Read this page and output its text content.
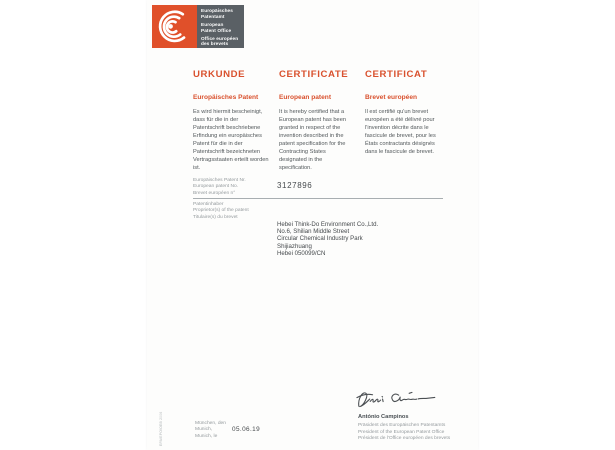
Europäisches
Patentamt
European
Patent Office
Office européen
des brevets
URKUNDE
Europäisches Patent

Es wird hiermit bescheinigt, dass für die in der Patentschrift beschriebene Erfindung ein europäisches Patent für die in der Patentschrift bezeichneten Vertragsstaaten erteilt worden ist.

CERTIFICATE
European patent

It is hereby certified that a European patent has been granted in respect of the invention described in the patent specification for the Contracting States designated in the specification.

CERTIFICAT
Brevet européen

Il est certifié qu'un brevet européen a été délivré pour l'invention décrite dans le fascicule de brevet, pour les États contractants désignés dans le fascicule de brevet.

Europäisches Patent Nr.
European patent No.
Brevet européen n°
3127896
Patentinhaber
Proprietor(s) of the patent
Titulaire(s) du brevet
Hebei Think-Do Environment Co.,Ltd.
No.6, Shilian Middle Street
Circular Chemical Industry Park
Shijiazhuang
Hebei 050099/CN
António Campinos
Präsident des Europäischen Patentamts
President of the European Patent Office
Président de l'Office européen des brevets
München, den
Munich,
Munich, le
05.06.19
EPA/EPO/OEB 2006
